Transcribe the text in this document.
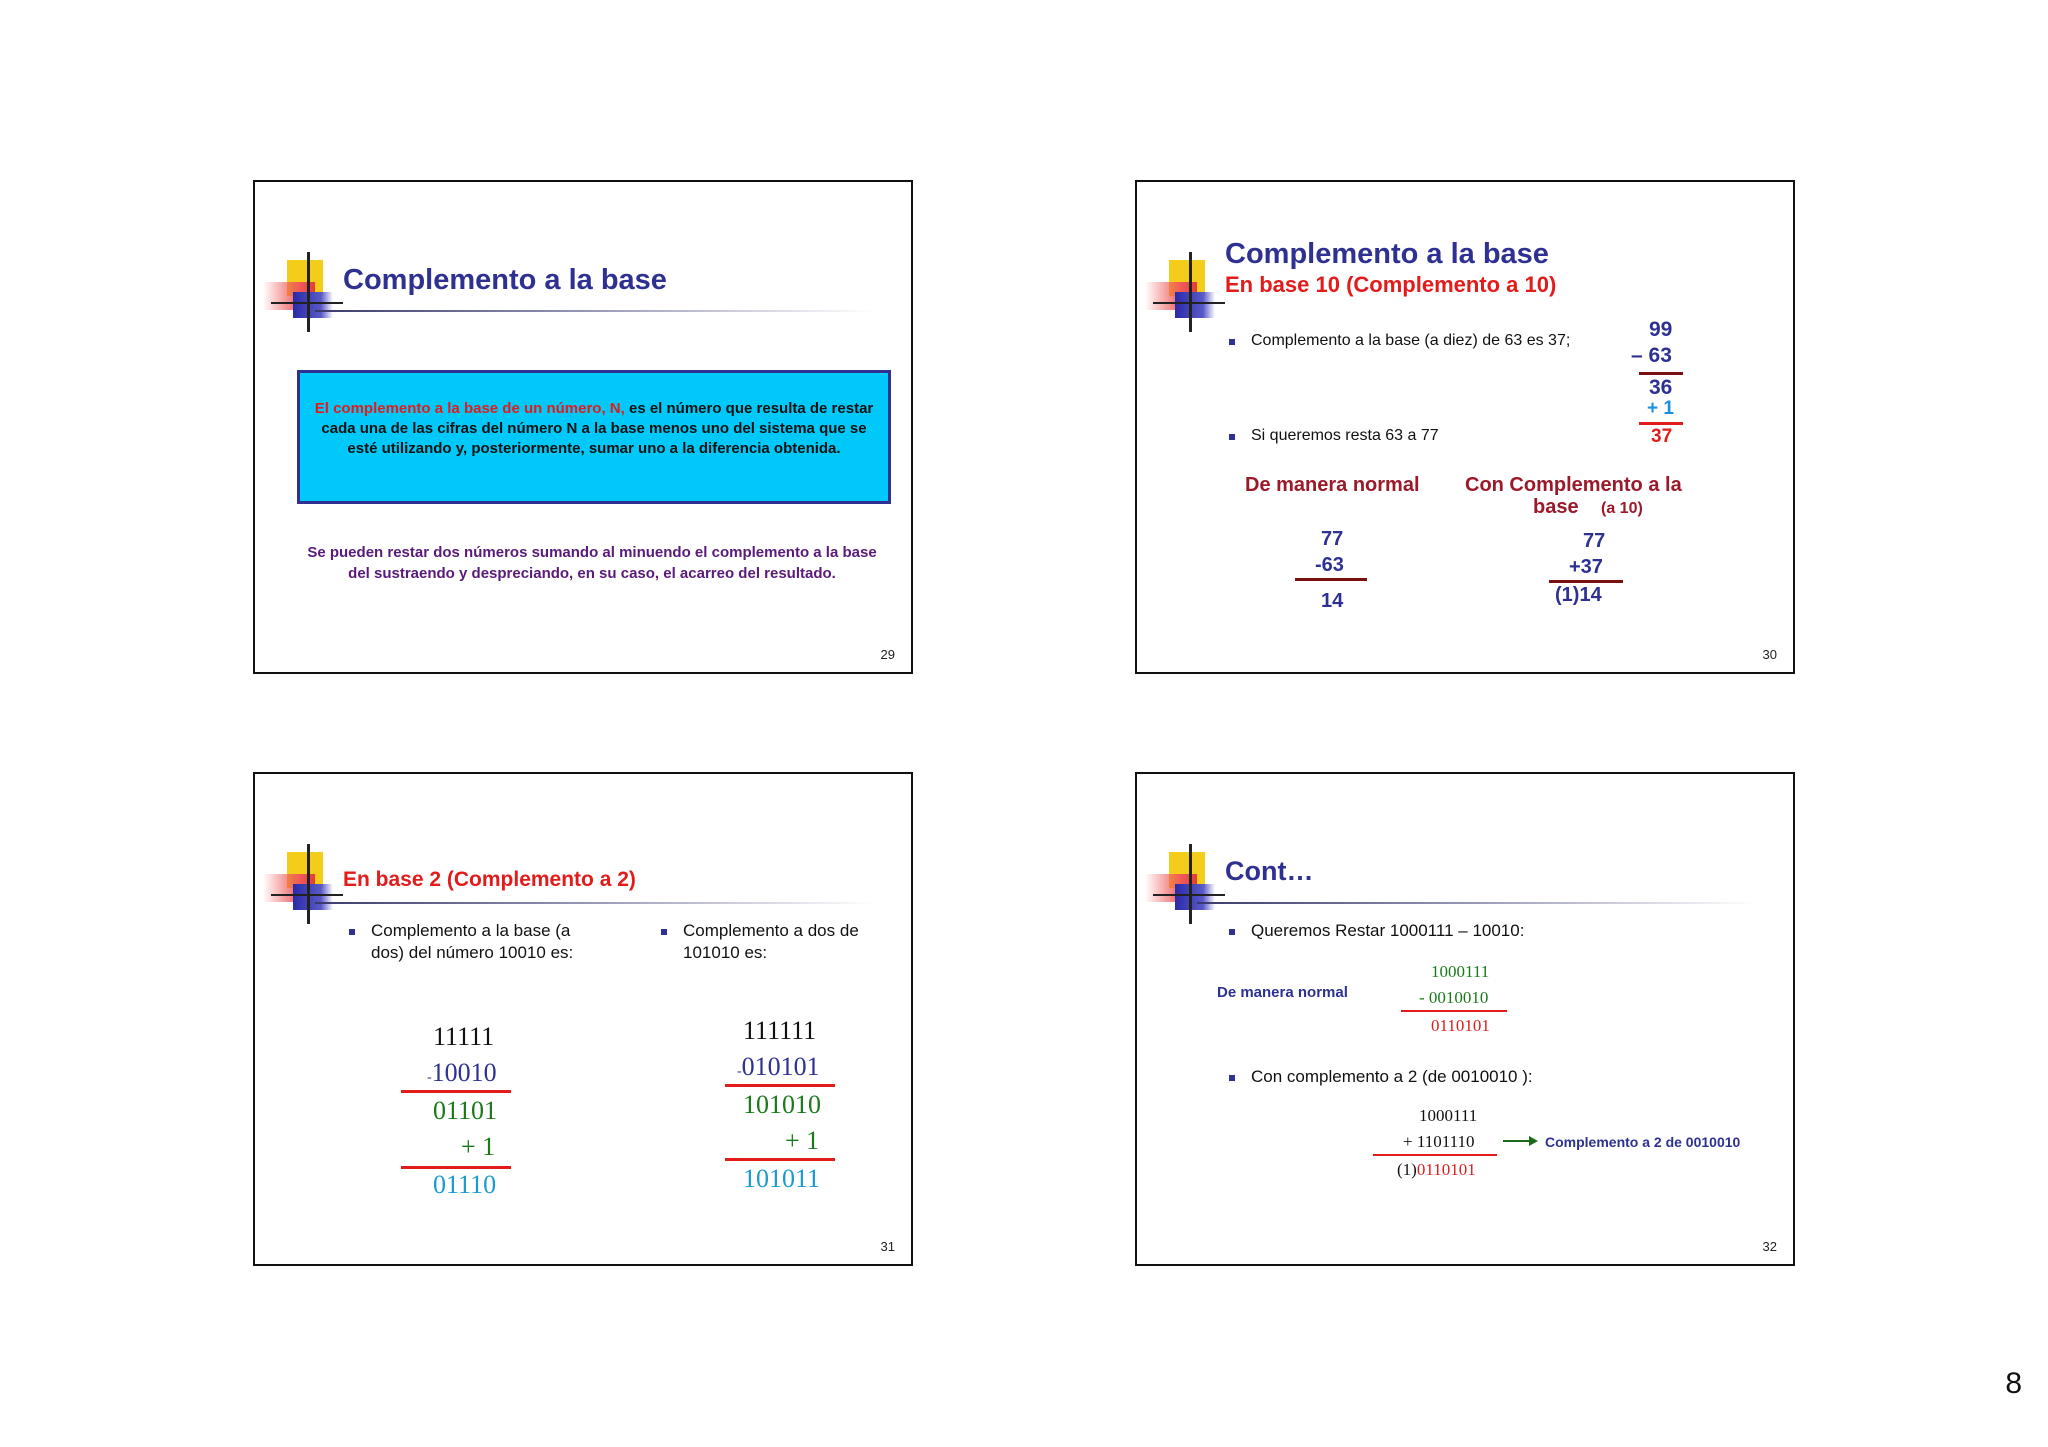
Complemento a la base
El complemento a la base de un número, N, es el número que resulta de restar cada una de las cifras del número N a la base menos uno del sistema que se esté utilizando y, posteriormente, sumar uno a la diferencia obtenida.
Se pueden restar dos números sumando al minuendo el complemento a la base del sustraendo y despreciando, en su caso, el acarreo del resultado.
29
Complemento a la base
En base 10 (Complemento a 10)
Complemento a la base (a diez) de 63 es 37;
Si queremos resta 63 a 77
99
– 63
36
+ 1
37
De manera normal Con Complemento a la
base (a 10)
77
-63
14
77
+37
(1)14
30
En base 2 (Complemento a 2)
Complemento a la base (a dos) del número 10010 es:
Complemento a dos de 101010 es:
11111
-10010
01101
+ 1
01110
111111
-010101
101010
+ 1
101011
31
Cont…
Queremos Restar 1000111 – 10010:
De manera normal
1000111
- 0010010
0110101
Con complemento a 2 (de 0010010 ):
1000111
+ 1101110
(1)0110101
Complemento a 2 de 0010010
32
8
